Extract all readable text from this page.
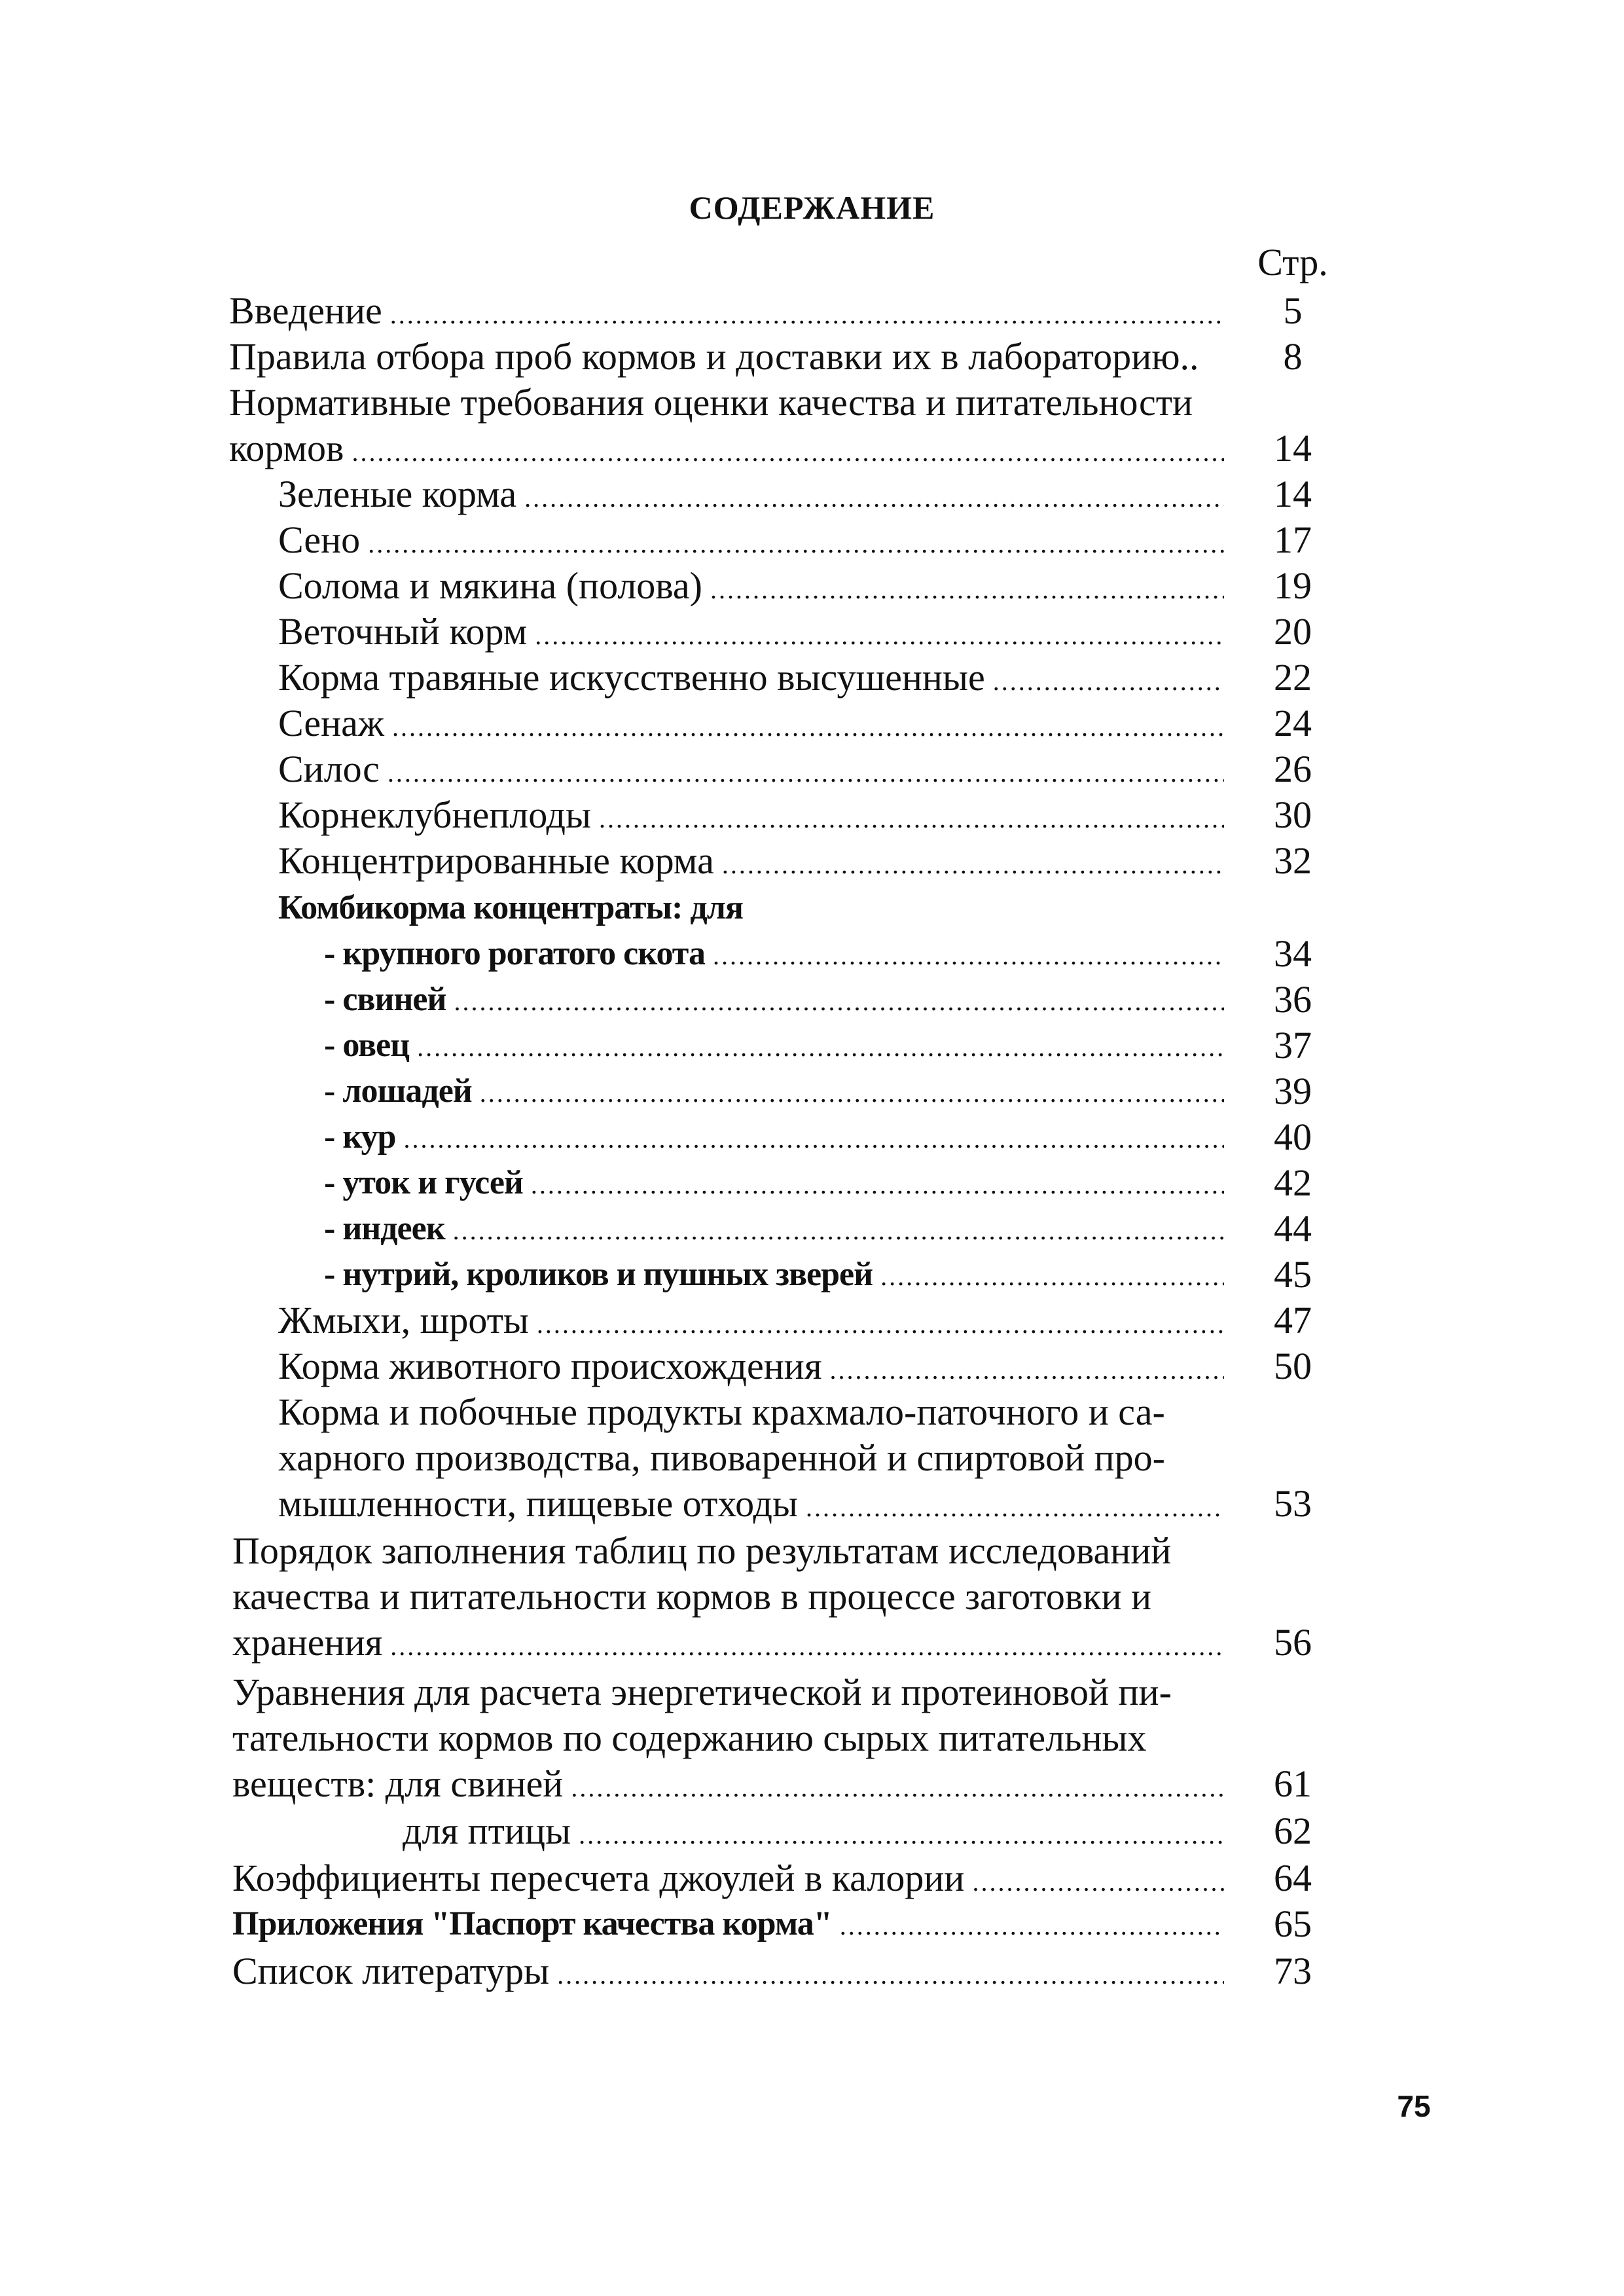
СОДЕРЖАНИЕ
Стр.
Введение .....	5
Правила отбора проб кормов и доставки их в лабораторию..	8
Нормативные требования оценки качества и питательности
кормов .....	14
Зеленые корма .....	14
Сено .....	17
Солома и мякина (полова) .....	19
Веточный корм .....	20
Корма травяные искусственно высушенные .....	22
Сенаж .....	24
Силос .....	26
Корнеклубнеплоды .....	30
Концентрированные корма .....	32
Комбикорма концентраты: для
- крупного рогатого скота .....	34
- свиней .....	36
- овец .....	37
- лошадей .....	39
- кур .....	40
- уток и гусей .....	42
- индеек .....	44
- нутрий, кроликов и пушных зверей .....	45
Жмыхи, шроты .....	47
Корма животного происхождения .....	50
Корма и побочные продукты крахмало-паточного и са-
харного производства, пивоваренной и спиртовой про-
мышленности, пищевые отходы .....	53
Порядок заполнения таблиц по результатам исследований
качества и питательности кормов в процессе заготовки и
хранения .....	56
Уравнения для расчета энергетической и протеиновой пи-
тательности кормов по содержанию сырых питательных
веществ: для свиней .....	61
для птицы .....	62
Коэффициенты пересчета джоулей в калории .....	64
Приложения "Паспорт качества корма" .....	65
Список литературы .....	73
75
